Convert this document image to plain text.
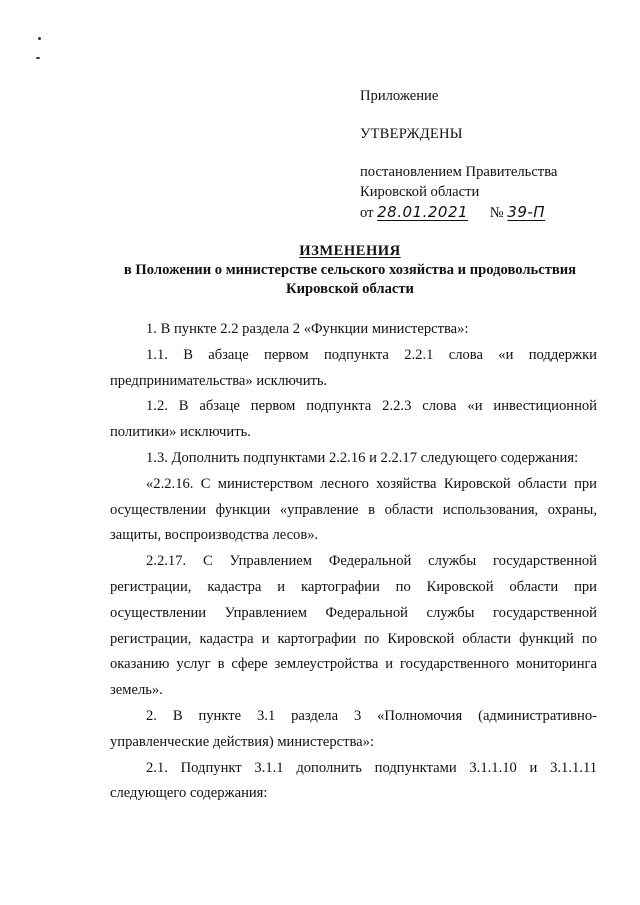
Приложение
УТВЕРЖДЕНЫ
постановлением Правительства
Кировской области
от 28.01.2021 № 39-П
ИЗМЕНЕНИЯ
в Положении о министерстве сельского хозяйства и продовольствия
Кировской области

1. В пункте 2.2 раздела 2 «Функции министерства»:

1.1. В абзаце первом подпункта 2.2.1 слова «и поддержки предпринимательства» исключить.

1.2. В абзаце первом подпункта 2.2.3 слова «и инвестиционной политики» исключить.

1.3. Дополнить подпунктами 2.2.16 и 2.2.17 следующего содержания:

«2.2.16. С министерством лесного хозяйства Кировской области при осуществлении функции «управление в области использования, охраны, защиты, воспроизводства лесов».

2.2.17. С Управлением Федеральной службы государственной регистрации, кадастра и картографии по Кировской области при осуществлении Управлением Федеральной службы государственной регистрации, кадастра и картографии по Кировской области функций по оказанию услуг в сфере землеустройства и государственного мониторинга земель».

2. В пункте 3.1 раздела 3 «Полномочия (административно-управленческие действия) министерства»:

2.1. Подпункт 3.1.1 дополнить подпунктами 3.1.1.10 и 3.1.1.11 следующего содержания:
